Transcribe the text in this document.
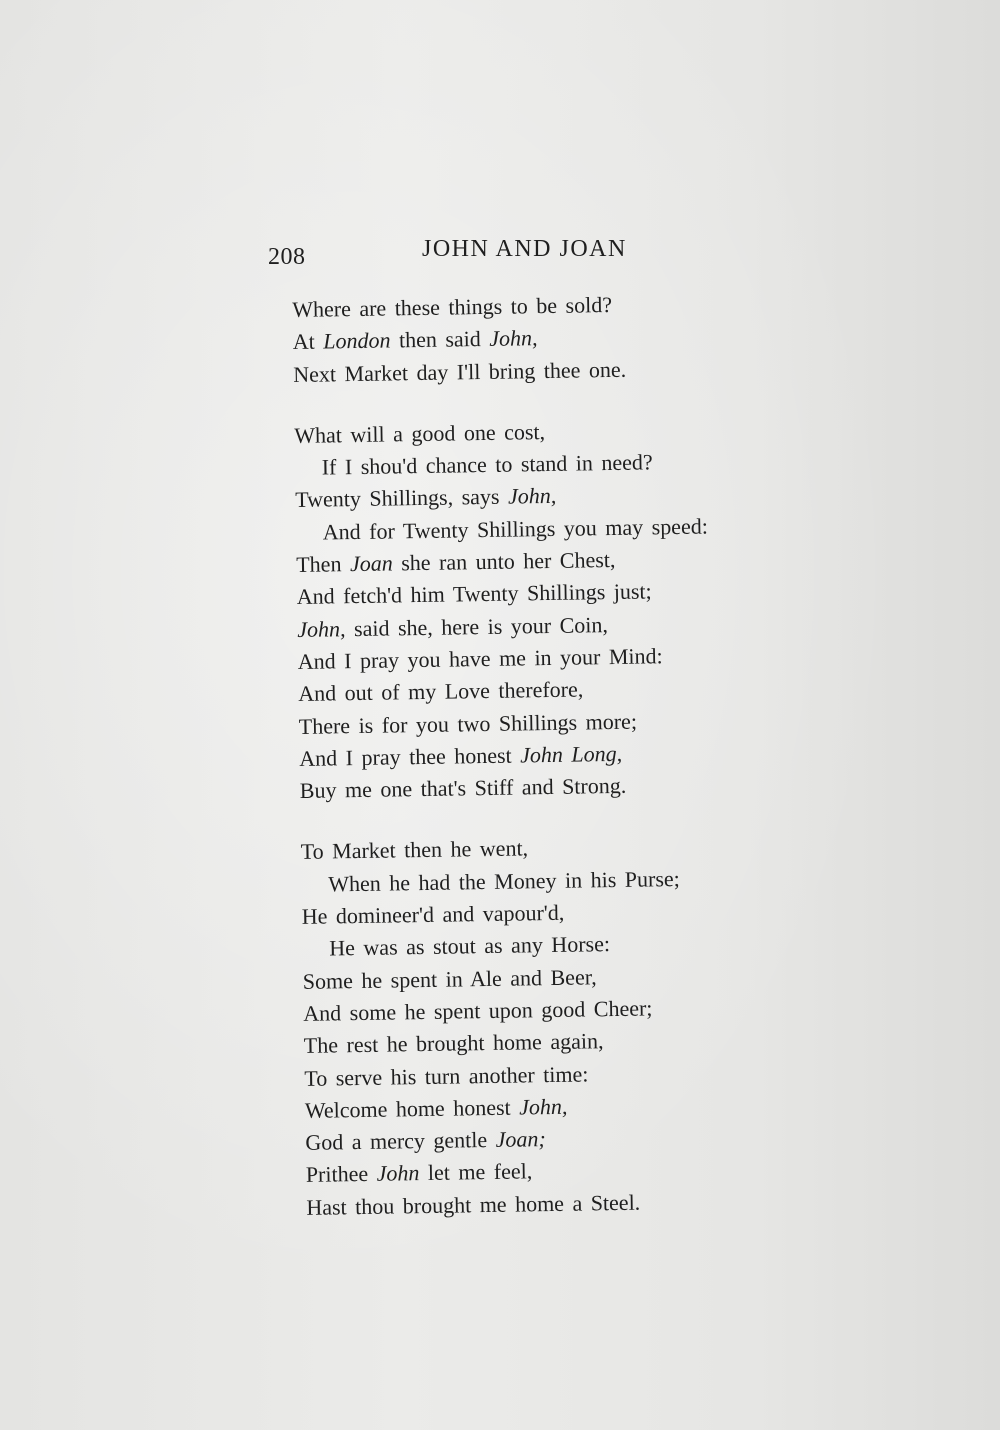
208	JOHN AND JOAN
Where are these things to be sold?
At London then said John,
Next Market day I'll bring thee one.
What will a good one cost,
If I shou'd chance to stand in need?
Twenty Shillings, says John,
And for Twenty Shillings you may speed:
Then Joan she ran unto her Chest,
And fetch'd him Twenty Shillings just;
John, said she, here is your Coin,
And I pray you have me in your Mind:
And out of my Love therefore,
There is for you two Shillings more;
And I pray thee honest John Long,
Buy me one that's Stiff and Strong.
To Market then he went,
When he had the Money in his Purse;
He domineer'd and vapour'd,
He was as stout as any Horse:
Some he spent in Ale and Beer,
And some he spent upon good Cheer;
The rest he brought home again,
To serve his turn another time:
Welcome home honest John,
God a mercy gentle Joan;
Prithee John let me feel,
Hast thou brought me home a Steel.
